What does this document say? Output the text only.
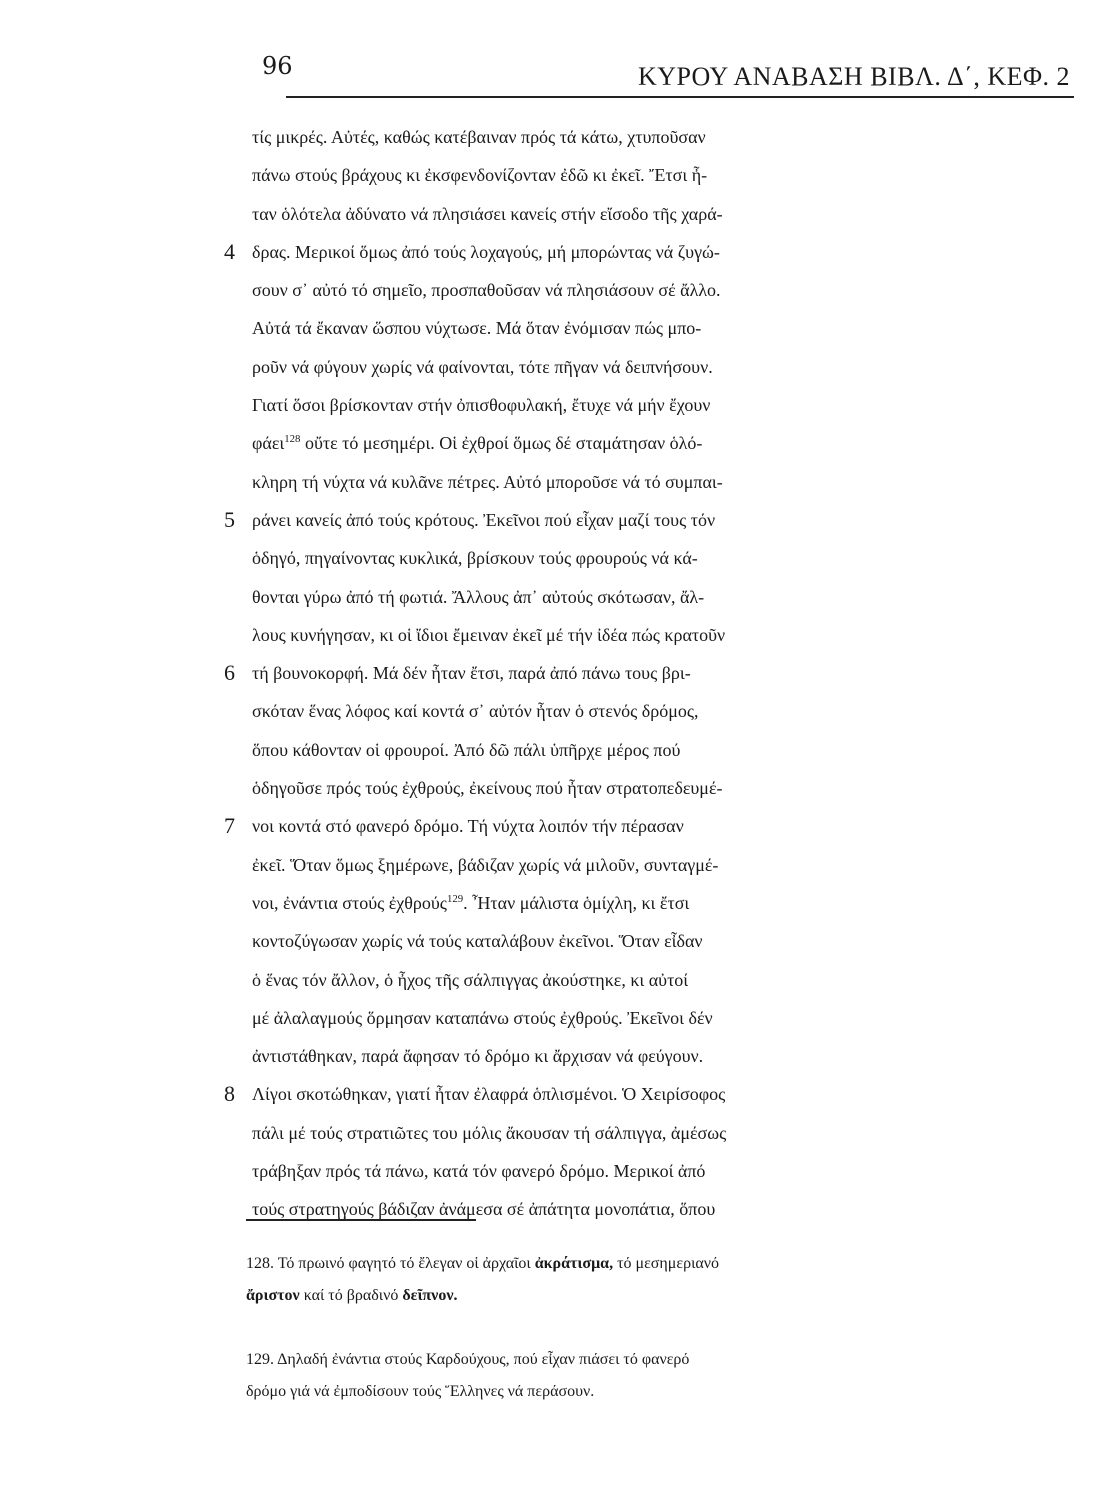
96	ΚΥΡΟΥ ΑΝΑΒΑΣΗ ΒΙΒΛ. Δ΄, ΚΕΦ. 2
τίς μικρές. Αὐτές, καθώς κατέβαιναν πρός τά κάτω, χτυποῦσαν
πάνω στούς βράχους κι ἐκσφενδονίζονταν ἐδῶ κι ἐκεῖ. Ἔτσι ἦ-
ταν ὁλότελα ἀδύνατο νά πλησιάσει κανείς στήν εἴσοδο τῆς χαρά-
4 δρας. Μερικοί ὅμως ἀπό τούς λοχαγούς, μή μπορώντας νά ζυγώ-
σουν σ᾽ αὐτό τό σημεῖο, προσπαθοῦσαν νά πλησιάσουν σέ ἄλλο.
Αὐτά τά ἔκαναν ὥσπου νύχτωσε. Μά ὅταν ἐνόμισαν πώς μπο-
ροῦν νά φύγουν χωρίς νά φαίνονται, τότε πῆγαν νά δειπνήσουν.
Γιατί ὅσοι βρίσκονταν στήν ὀπισθοφυλακή, ἔτυχε νά μήν ἔχουν
φάει$^{128}$ οὔτε τό μεσημέρι. Οἱ ἐχθροί ὅμως δέ σταμάτησαν ὁλό-
κληρη τή νύχτα νά κυλᾶνε πέτρες. Αὐτό μποροῦσε νά τό συμπαι-
5 ράνει κανείς ἀπό τούς κρότους. Ἐκεῖνοι πού εἶχαν μαζί τους τόν
ὁδηγό, πηγαίνοντας κυκλικά, βρίσκουν τούς φρουρούς νά κά-
θονται γύρω ἀπό τή φωτιά. Ἄλλους ἀπ᾽ αὐτούς σκότωσαν, ἄλ-
λους κυνήγησαν, κι οἱ ἴδιοι ἔμειναν ἐκεῖ μέ τήν ἰδέα πώς κρατοῦν
6 τή βουνοκορφή. Μά δέν ἦταν ἔτσι, παρά ἀπό πάνω τους βρι-
σκόταν ἕνας λόφος καί κοντά σ᾽ αὐτόν ἦταν ὁ στενός δρόμος,
ὅπου κάθονταν οἱ φρουροί. Ἀπό δῶ πάλι ὑπῆρχε μέρος πού
ὁδηγοῦσε πρός τούς ἐχθρούς, ἐκείνους πού ἦταν στρατοπεδευμέ-
7 νοι κοντά στό φανερό δρόμο. Τή νύχτα λοιπόν τήν πέρασαν
ἐκεῖ. Ὅταν ὅμως ξημέρωνε, βάδιζαν χωρίς νά μιλοῦν, συνταγμέ-
νοι, ἐνάντια στούς ἐχθρούς$^{129}$. Ἦταν μάλιστα ὁμίχλη, κι ἔτσι
κοντοζύγωσαν χωρίς νά τούς καταλάβουν ἐκεῖνοι. Ὅταν εἶδαν
ὁ ἕνας τόν ἄλλον, ὁ ἦχος τῆς σάλπιγγας ἀκούστηκε, κι αὐτοί
μέ ἀλαλαγμούς ὅρμησαν καταπάνω στούς ἐχθρούς. Ἐκεῖνοι δέν
ἀντιστάθηκαν, παρά ἄφησαν τό δρόμο κι ἄρχισαν νά φεύγουν.
8 Λίγοι σκοτώθηκαν, γιατί ἦταν ἐλαφρά ὁπλισμένοι. Ὁ Χειρίσοφος
πάλι μέ τούς στρατιῶτες του μόλις ἄκουσαν τή σάλπιγγα, ἀμέσως
τράβηξαν πρός τά πάνω, κατά τόν φανερό δρόμο. Μερικοί ἀπό
τούς στρατηγούς βάδιζαν ἀνάμεσα σέ ἀπάτητα μονοπάτια, ὅπου
128. Τό πρωινό φαγητό τό ἔλεγαν οἱ ἀρχαῖοι ἀκράτισμα, τό μεσημεριανό
ἄριστον καί τό βραδινό δεῖπνον.
129. Δηλαδή ἐνάντια στούς Καρδούχους, πού εἶχαν πιάσει τό φανερό
δρόμο γιά νά ἐμποδίσουν τούς Ἕλληνες νά περάσουν.
